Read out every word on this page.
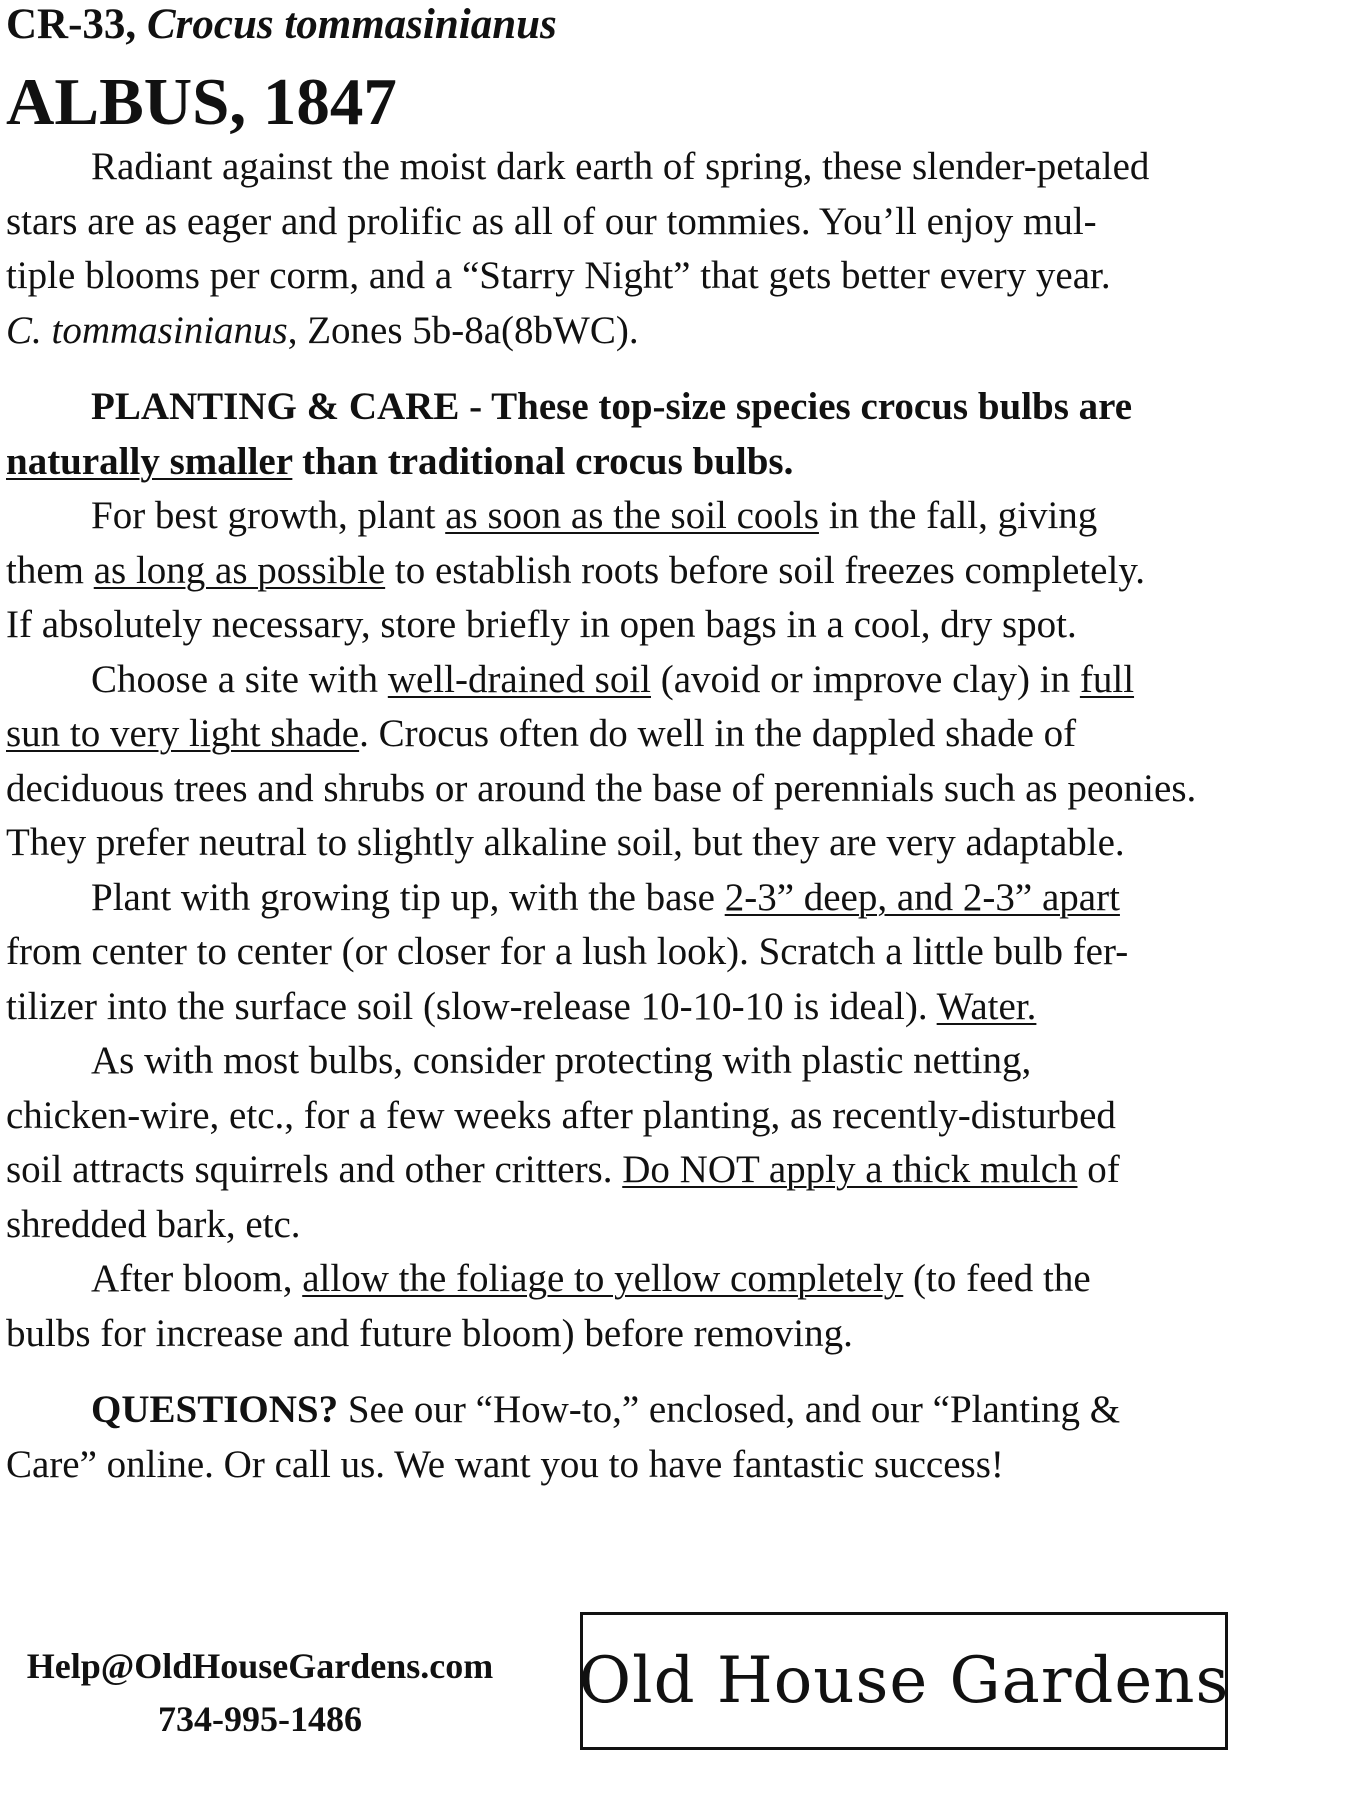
CR-33, Crocus tommasinianus
ALBUS, 1847

Radiant against the moist dark earth of spring, these slender-petaled
stars are as eager and prolific as all of our tommies. You’ll enjoy mul-
tiple blooms per corm, and a “Starry Night” that gets better every year.
C. tommasinianus, Zones 5b-8a(8bWC).

PLANTING & CARE - These top-size species crocus bulbs are
naturally smaller than traditional crocus bulbs.

For best growth, plant as soon as the soil cools in the fall, giving
them as long as possible to establish roots before soil freezes completely.
If absolutely necessary, store briefly in open bags in a cool, dry spot.

Choose a site with well-drained soil (avoid or improve clay) in full
sun to very light shade. Crocus often do well in the dappled shade of
deciduous trees and shrubs or around the base of perennials such as peonies.
They prefer neutral to slightly alkaline soil, but they are very adaptable.

Plant with growing tip up, with the base 2-3” deep, and 2-3” apart
from center to center (or closer for a lush look). Scratch a little bulb fer-
tilizer into the surface soil (slow-release 10-10-10 is ideal). Water.

As with most bulbs, consider protecting with plastic netting,
chicken-wire, etc., for a few weeks after planting, as recently-disturbed
soil attracts squirrels and other critters. Do NOT apply a thick mulch of
shredded bark, etc.

After bloom, allow the foliage to yellow completely (to feed the
bulbs for increase and future bloom) before removing.

QUESTIONS? See our “How-to,” enclosed, and our “Planting &
Care” online. Or call us. We want you to have fantastic success!

Help@OldHouseGardens.com
734-995-1486
Old House Gardens
